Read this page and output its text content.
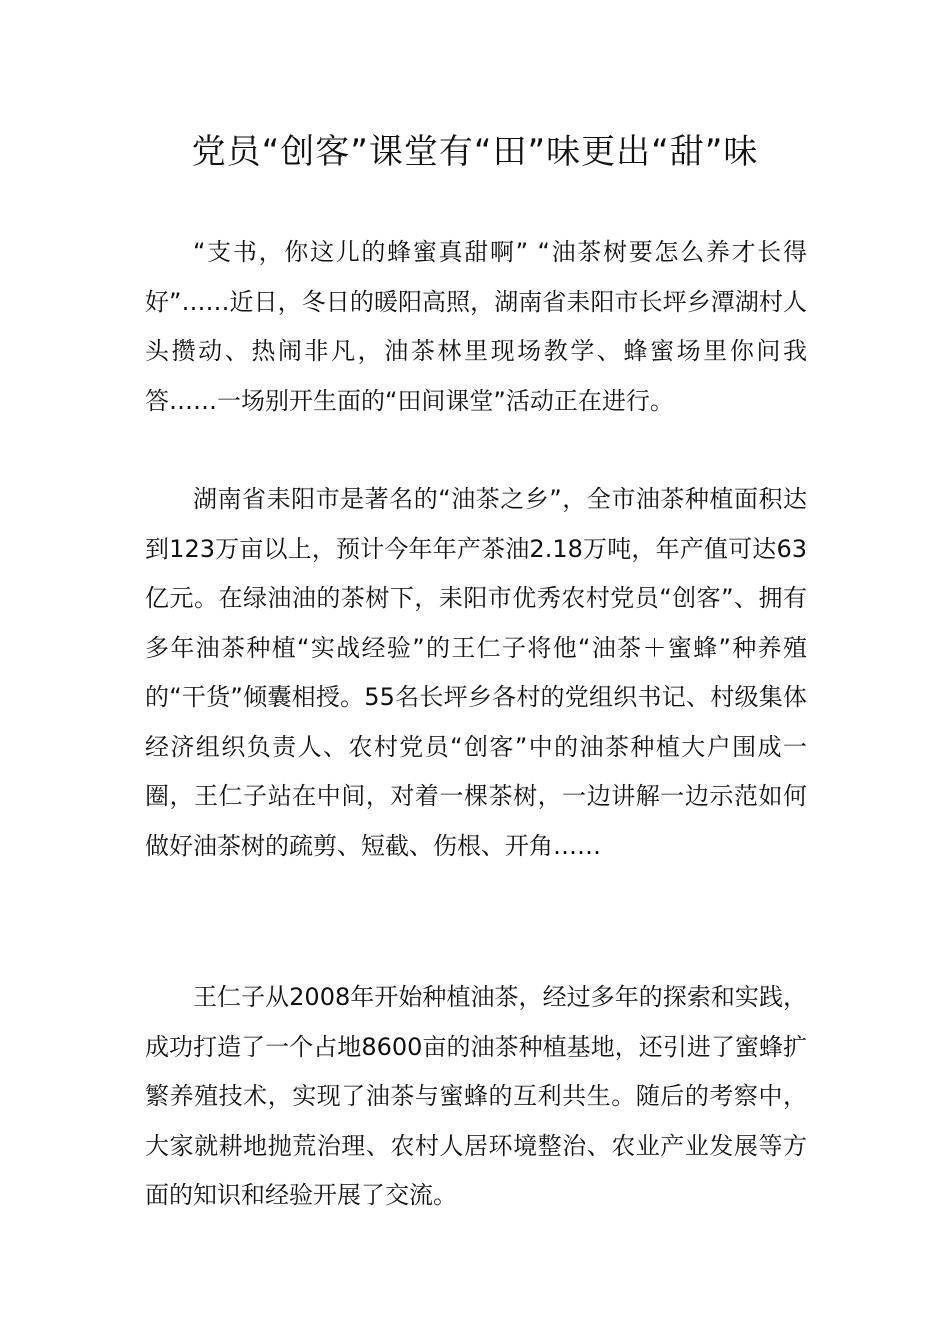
党员“创客”课堂有“田”味更出“甜”味

“支书，你这儿的蜂蜜真甜啊” “油茶树要怎么养才长得好”……近日，冬日的暖阳高照，湖南省耒阳市长坪乡潭湖村人头攒动、热闹非凡，油茶林里现场教学、蜂蜜场里你问我答……一场别开生面的“田间课堂”活动正在进行。

湖南省耒阳市是著名的“油茶之乡”，全市油茶种植面积达到123万亩以上，预计今年年产茶油2.18万吨，年产值可达63亿元。在绿油油的茶树下，耒阳市优秀农村党员“创客”、拥有多年油茶种植“实战经验”的王仁子将他“油茶＋蜜蜂”种养殖的“干货”倾囊相授。55名长坪乡各村的党组织书记、村级集体经济组织负责人、农村党员“创客”中的油茶种植大户围成一圈，王仁子站在中间，对着一棵茶树，一边讲解一边示范如何做好油茶树的疏剪、短截、伤根、开角……

王仁子从2008年开始种植油茶，经过多年的探索和实践，成功打造了一个占地8600亩的油茶种植基地，还引进了蜜蜂扩繁养殖技术，实现了油茶与蜜蜂的互利共生。随后的考察中，大家就耕地抛荒治理、农村人居环境整治、农业产业发展等方面的知识和经验开展了交流。
